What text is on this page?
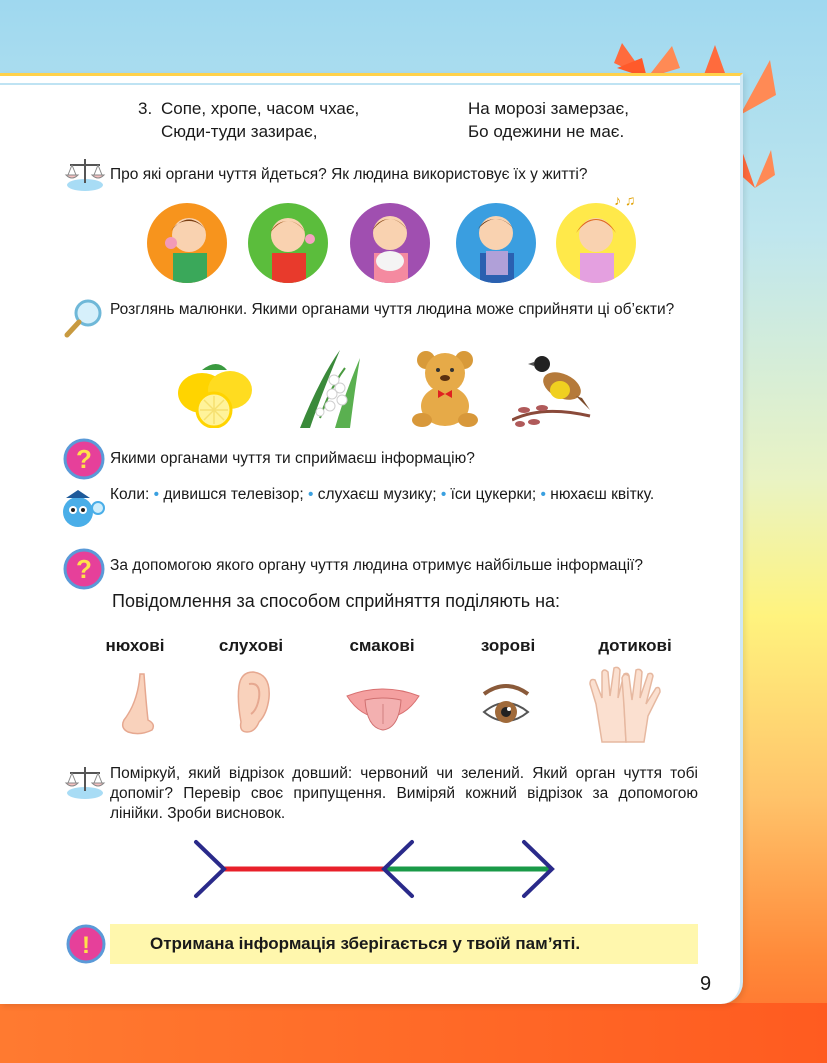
3. Сопе, хропе, часом чхає,
Сюди-туди зазирає,
На морозі замерзає,
Бо одежини не має.
Про які органи чуття йдеться? Як людина використовує їх у житті?
♪ ♫
Розглянь малюнки. Якими органами чуття людина може сприйняти ці об’єкти?
? Якими органами чуття ти сприймаєш інформацію?
Коли: • дивишся телевізор; • слухаєш музику; • їси цукерки; • нюхаєш квітку.
? За допомогою якого органу чуття людина отримує найбільше інформації?
Повідомлення за способом сприйняття поділяють на:
нюхові	слухові	смакові	зорові	дотикові
Поміркуй, який відрізок довший: червоний чи зелений. Який орган чуття тобі допоміг? Перевір своє припущення. Виміряй кожний відрізок за допомогою лінійки. Зроби висновок.
!	Отримана інформація зберігається у твоїй пам’яті.
9
